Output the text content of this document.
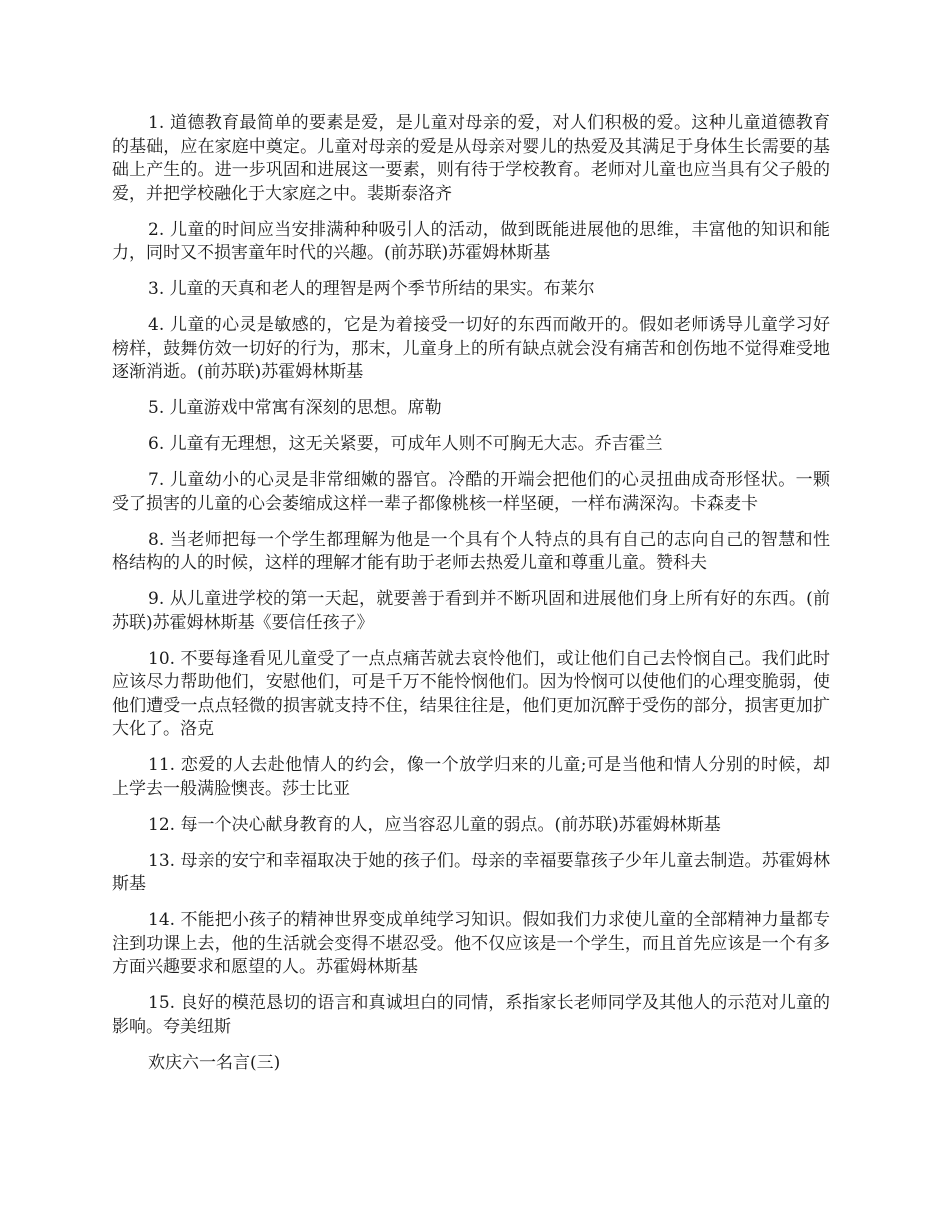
1. 道德教育最简单的要素是爱，是儿童对母亲的爱，对人们积极的爱。这种儿童道德教育的基础，应在家庭中奠定。儿童对母亲的爱是从母亲对婴儿的热爱及其满足于身体生长需要的基础上产生的。进一步巩固和进展这一要素，则有待于学校教育。老师对儿童也应当具有父子般的爱，并把学校融化于大家庭之中。裴斯泰洛齐

2. 儿童的时间应当安排满种种吸引人的活动，做到既能进展他的思维，丰富他的知识和能力，同时又不损害童年时代的兴趣。(前苏联)苏霍姆林斯基

3. 儿童的天真和老人的理智是两个季节所结的果实。布莱尔

4. 儿童的心灵是敏感的，它是为着接受一切好的东西而敞开的。假如老师诱导儿童学习好榜样，鼓舞仿效一切好的行为，那末，儿童身上的所有缺点就会没有痛苦和创伤地不觉得难受地逐渐消逝。(前苏联)苏霍姆林斯基

5. 儿童游戏中常寓有深刻的思想。席勒

6. 儿童有无理想，这无关紧要，可成年人则不可胸无大志。乔吉霍兰

7. 儿童幼小的心灵是非常细嫩的器官。冷酷的开端会把他们的心灵扭曲成奇形怪状。一颗受了损害的儿童的心会萎缩成这样一辈子都像桃核一样坚硬，一样布满深沟。卡森麦卡

8. 当老师把每一个学生都理解为他是一个具有个人特点的具有自己的志向自己的智慧和性格结构的人的时候，这样的理解才能有助于老师去热爱儿童和尊重儿童。赞科夫

9. 从儿童进学校的第一天起，就要善于看到并不断巩固和进展他们身上所有好的东西。(前苏联)苏霍姆林斯基《要信任孩子》

10. 不要每逢看见儿童受了一点点痛苦就去哀怜他们，或让他们自己去怜悯自己。我们此时应该尽力帮助他们，安慰他们，可是千万不能怜悯他们。因为怜悯可以使他们的心理变脆弱，使他们遭受一点点轻微的损害就支持不住，结果往往是，他们更加沉醉于受伤的部分，损害更加扩大化了。洛克

11. 恋爱的人去赴他情人的约会，像一个放学归来的儿童;可是当他和情人分别的时候，却上学去一般满脸懊丧。莎士比亚

12. 每一个决心献身教育的人，应当容忍儿童的弱点。(前苏联)苏霍姆林斯基

13. 母亲的安宁和幸福取决于她的孩子们。母亲的幸福要靠孩子少年儿童去制造。苏霍姆林斯基

14. 不能把小孩子的精神世界变成单纯学习知识。假如我们力求使儿童的全部精神力量都专注到功课上去，他的生活就会变得不堪忍受。他不仅应该是一个学生，而且首先应该是一个有多方面兴趣要求和愿望的人。苏霍姆林斯基

15. 良好的模范恳切的语言和真诚坦白的同情，系指家长老师同学及其他人的示范对儿童的影响。夸美纽斯

欢庆六一名言(三)
